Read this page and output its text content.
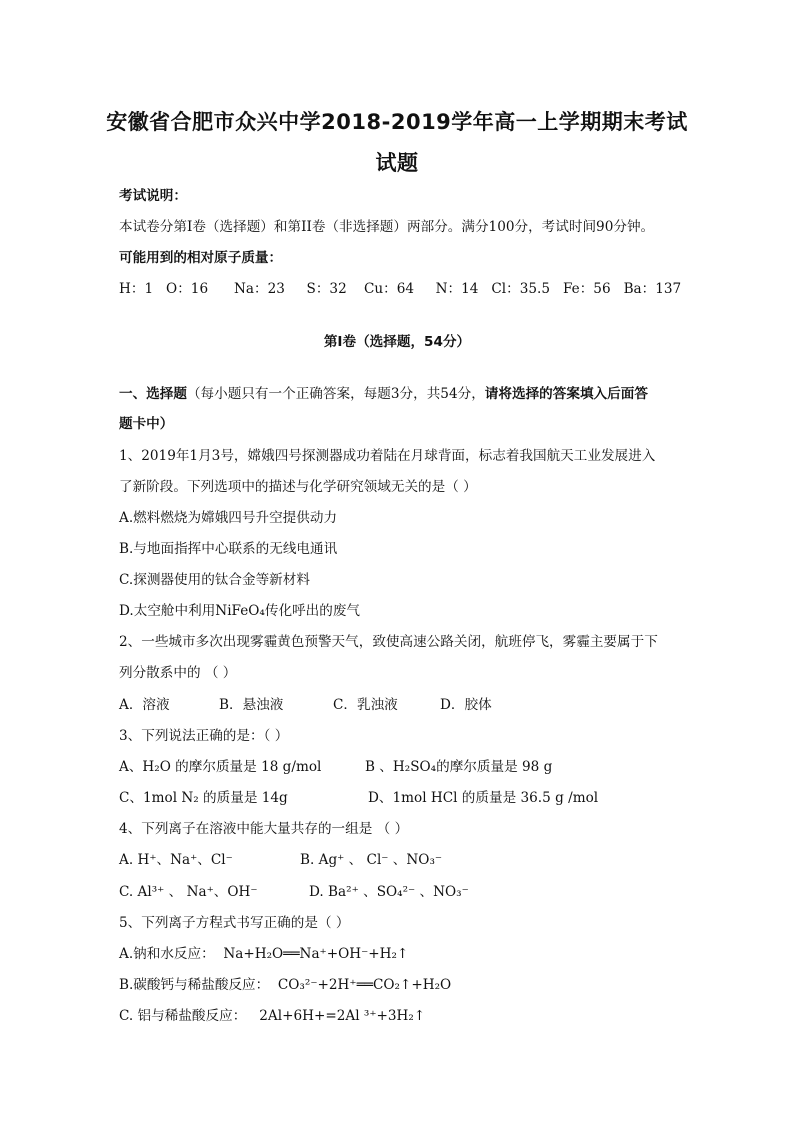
安徽省合肥市众兴中学2018-2019学年高一上学期期末考试
试题
考试说明：
本试卷分第I卷（选择题）和第II卷（非选择题）两部分。满分100分，考试时间90分钟。
可能用到的相对原子质量：
H：1   O：16      Na：23     S：32    Cu：64     N：14   Cl：35.5   Fe：56   Ba：137
第I卷（选择题，54分）
一、选择题（每小题只有一个正确答案，每题3分，共54分，请将选择的答案填入后面答
题卡中）
1、2019年1月3号，嫦娥四号探测器成功着陆在月球背面，标志着我国航天工业发展进入
了新阶段。下列选项中的描述与化学研究领域无关的是（ ）
A.燃料燃烧为嫦娥四号升空提供动力
B.与地面指挥中心联系的无线电通讯
C.探测器使用的钛合金等新材料
D.太空舱中利用NiFeO₄传化呼出的废气
2、一些城市多次出现雾霾黄色预警天气，致使高速公路关闭，航班停飞，雾霾主要属于下
列分散系中的 （ ）
A．溶液	B．悬浊液	C．乳浊液	D．胶体
3、下列说法正确的是：（ ）
A、H₂O 的摩尔质量是 18 g/mol	B 、H₂SO₄的摩尔质量是 98 g
C、1mol N₂ 的质量是 14g	D、1mol HCl 的质量是 36.5 g /mol
4、下列离子在溶液中能大量共存的一组是 （ ）
A. H⁺、Na⁺、Cl⁻	B. Ag⁺ 、 Cl⁻ 、NO₃⁻
C. Al³⁺ 、 Na⁺、OH⁻	D. Ba²⁺ 、SO₄²⁻ 、NO₃⁻
5、下列离子方程式书写正确的是（ ）
A.钠和水反应：  Na+H₂O══Na⁺+OH⁻+H₂↑
B.碳酸钙与稀盐酸反应：  CO₃²⁻+2H⁺══CO₂↑+H₂O
C. 铝与稀盐酸反应：   2Al+6H+=2Al ³⁺+3H₂↑
